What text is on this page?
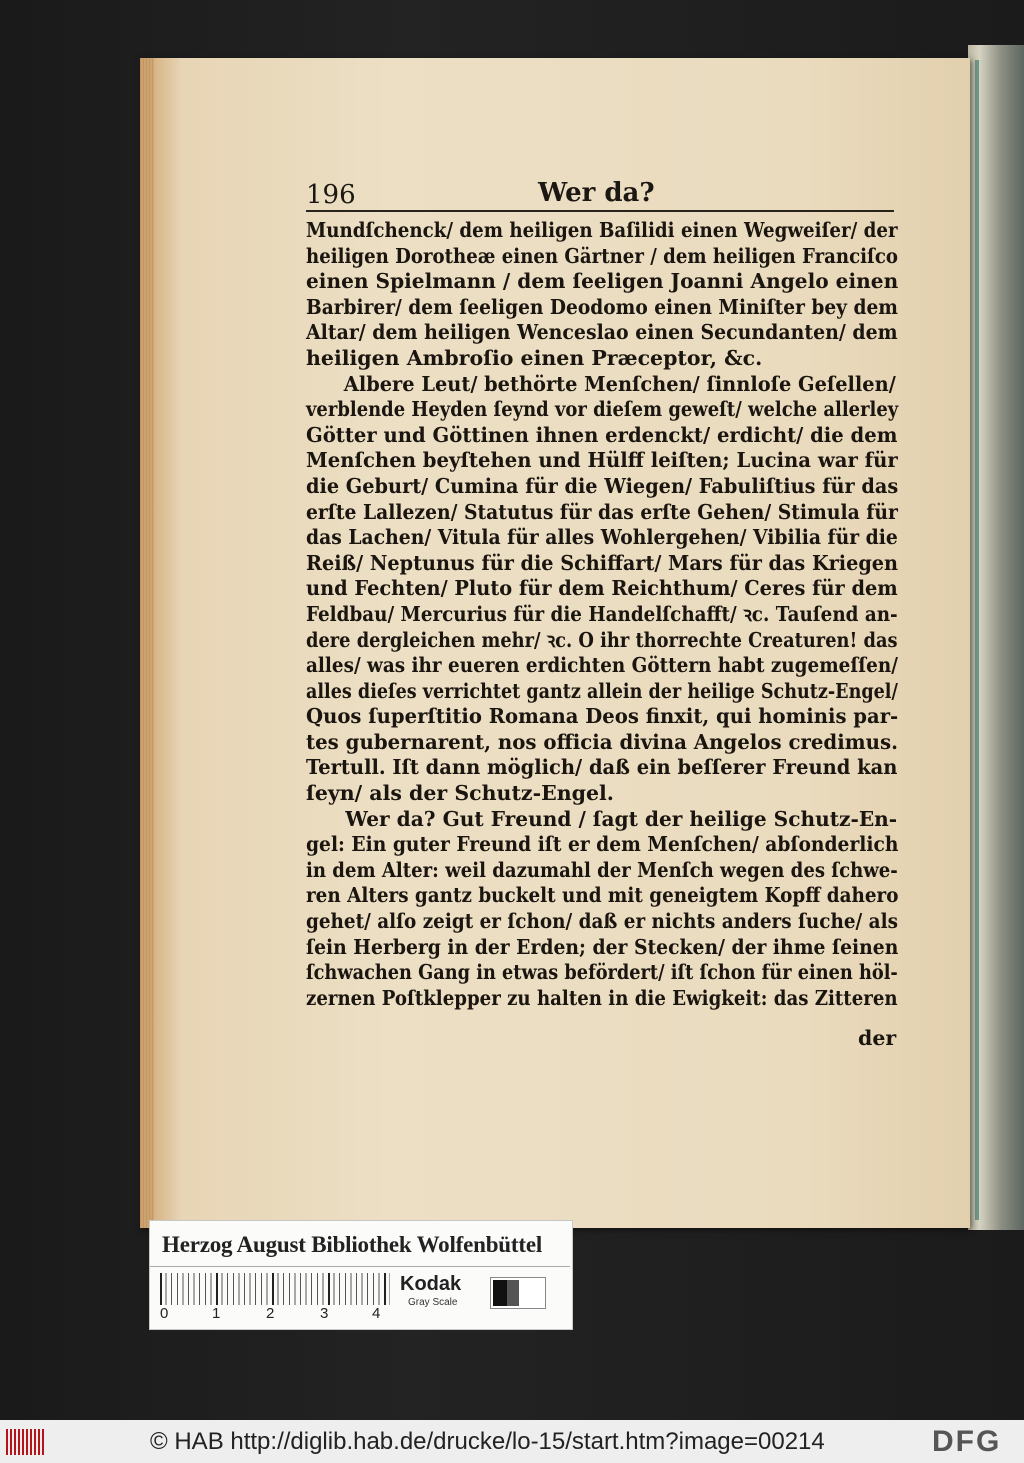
196	Wer da?
Mundſchenck/ dem heiligen Baſilidi einen Wegweiſer/ der
heiligen Dorotheæ einen Gärtner / dem heiligen Franciſco
einen Spielmann / dem ſeeligen Joanni Angelo einen
Barbirer/ dem ſeeligen Deodomo einen Miniſter bey dem
Altar/ dem heiligen Wenceslao einen Secundanten/ dem
heiligen Ambroſio einen Præceptor, &c.
Albere Leut/ bethörte Menſchen/ ſinnloſe Geſellen/
verblende Heyden ſeynd vor dieſem geweſt/ welche allerley
Götter und Göttinen ihnen erdenckt/ erdicht/ die dem
Menſchen beyſtehen und Hülff leiſten; Lucina war für
die Geburt/ Cumina für die Wiegen/ Fabuliſtius für das
erſte Lallezen/ Statutus für das erſte Gehen/ Stimula für
das Lachen/ Vitula für alles Wohlergehen/ Vibilia für die
Reiß/ Neptunus für die Schiffart/ Mars für das Kriegen
und Fechten/ Pluto für dem Reichthum/ Ceres für dem
Feldbau/ Mercurius für die Handelſchafft/ ꝛc. Tauſend an-
dere dergleichen mehr/ ꝛc. O ihr thorrechte Creaturen! das
alles/ was ihr eueren erdichten Göttern habt zugemeſſen/
alles dieſes verrichtet gantz allein der heilige Schutz-Engel/
Quos ſuperſtitio Romana Deos finxit, qui hominis par-
tes gubernarent, nos officia divina Angelos credimus.
Tertull. Iſt dann möglich/ daß ein beſſerer Freund kan
ſeyn/ als der Schutz-Engel.
Wer da? Gut Freund / ſagt der heilige Schutz-En-
gel: Ein guter Freund iſt er dem Menſchen/ abſonderlich
in dem Alter: weil dazumahl der Menſch wegen des ſchwe-
ren Alters gantz buckelt und mit geneigtem Kopff dahero
gehet/ alſo zeigt er ſchon/ daß er nichts anders ſuche/ als
ſein Herberg in der Erden; der Stecken/ der ihme ſeinen
ſchwachen Gang in etwas befördert/ iſt ſchon für einen höl-
zernen Poſtklepper zu halten in die Ewigkeit: das Zitteren
der
Herzog August Bibliothek Wolfenbüttel
0	1	2	3	4
Kodak
Gray Scale
© HAB http://diglib.hab.de/drucke/lo-15/start.htm?image=00214	DFG
